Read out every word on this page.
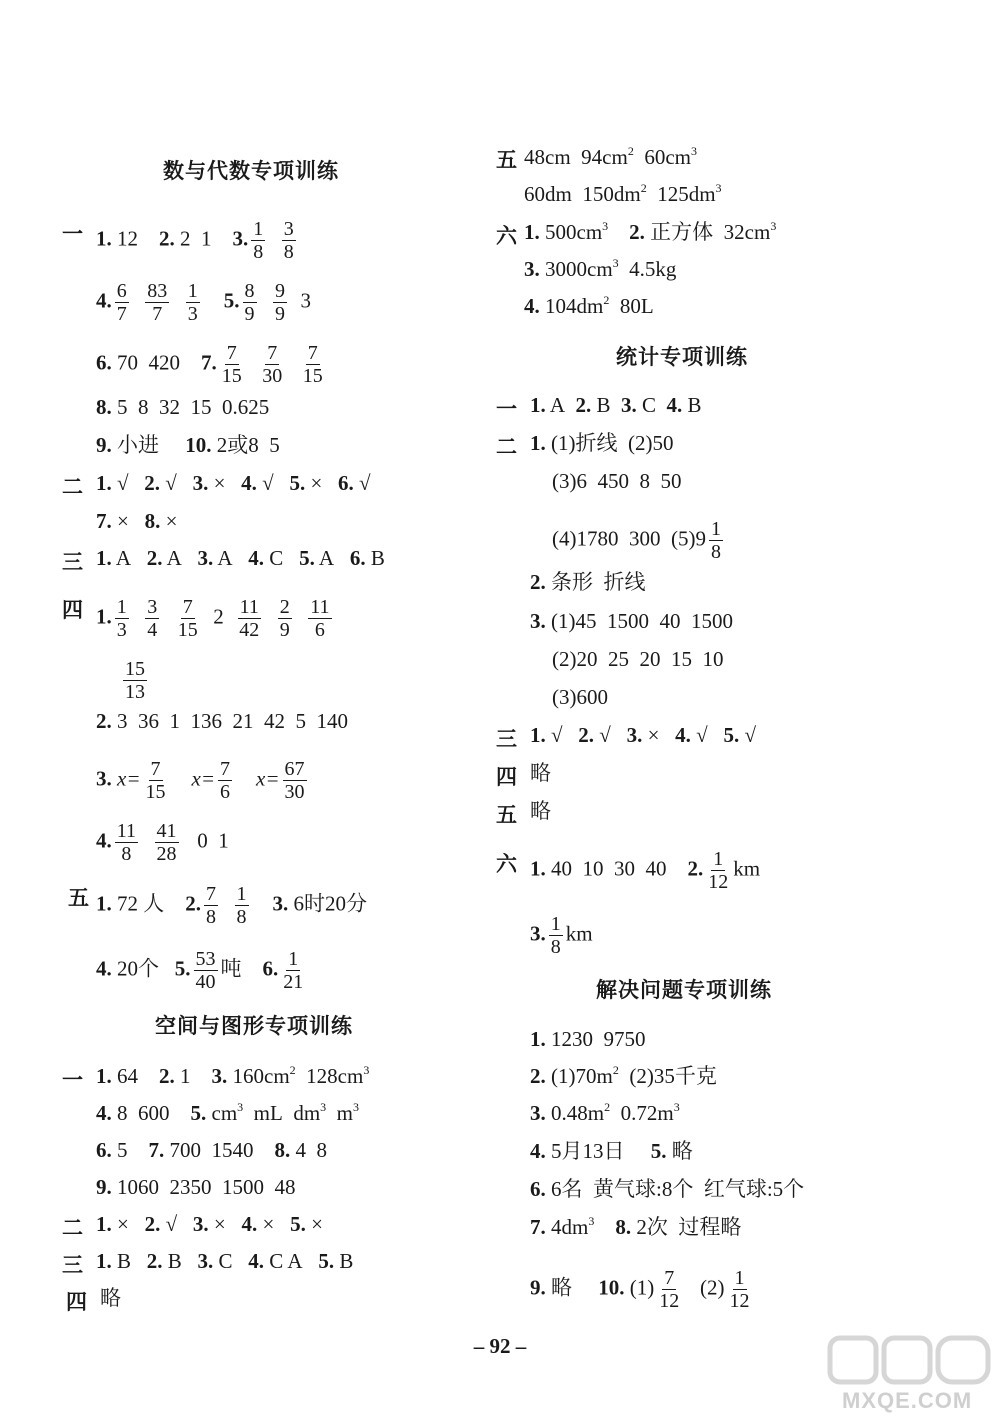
数与代数专项训练
一 1. 12 2. 2 1 3. $\frac{1}{8}$
$\frac{3}{8}$
4. $\frac{6}{7}$
$\frac{83}{7}$
$\frac{1}{3} 5$. $\frac{8}{9}$
$\frac{9}{9} 3$
6. 70 420 7. $\frac{7}{15}$
$\frac{7}{30}$
$\frac{7}{15}$
8. 5 8 32 15 0.625
9. 小进 10. 2或8 5
二 1. √ 2. √ 3. × 4. √ 5. × 6. √
7. × 8. ×
三 1. A 2. A 3. A 4. C 5. A 6. B
四 1. $\frac{1}{3}$
$\frac{3}{4}$
$\frac{7}{15} 2 \frac{11}{42}$
$\frac{2}{9}$
$\frac{11}{6}$
$\frac{15}{13}$
2. 3 36 1 136 21 42 5 140
3. $x= \frac{7}{15} x= \frac{7}{6} x= \frac{67}{30}$
4. $\frac{11}{8}$
$\frac{41}{28} 0$ 1
五 1. 72 人 2. $\frac{7}{8}$
$\frac{1}{8} 3$. 6时20分
4. 20个 5. $\frac{53}{40}$ 吨 6. $\frac{1}{21}$
空间与图形专项训练
一 1. 64 2. 1 3. $160cm^2$ $128cm^3$
4. 8 600 5. $cm^3$ mL $dm^3$ $m^3$
6. 5 7. 700 1540 8. 4 8
9. 1060 2350 1500 48
二 1. × 2. √ 3. × 4. × 5. ×
三 1. B 2. B 3. C 4. C A 5. B
四 略
五 48cm $94cm^2$ $60cm^3$
60dm $150dm^2$ $125dm^3$
六 1. $500cm^3$ 2. 正方体 $32cm^3$
3. $3000cm^3$ 4.5kg
4. $104dm^2$ 80L
统计专项训练
一 1. A 2. B 3. C 4. B
二 1. (1)折线 (2)50
(3)6 450 8 50
(4)1780 300 $(5)9 \frac{1}{8}$
2. 条形 折线
3. (1)45 1500 40 1500
(2)20 25 20 15 10
(3)600
三 1. √ 2. √ 3. × 4. √ 5. √
四 略
五 略
六 1. 40 10 30 40 2. $\frac{1}{12}$ km
3. $\frac{1}{8}$ km
解决问题专项训练
1. 1230 9750
2. $(1)70m^2$ (2)35千克
3. $0.48m^2$ $0.72m^3$
4. 5月13日 5. 略
6. 6名 黄气球:8个 红气球:5个
7. $4dm^3$ 8. 2次 过程略
9. 略 10. $(1) \frac{7}{12} (2) \frac{1}{12}$
– 92 –
MXQE.COM
